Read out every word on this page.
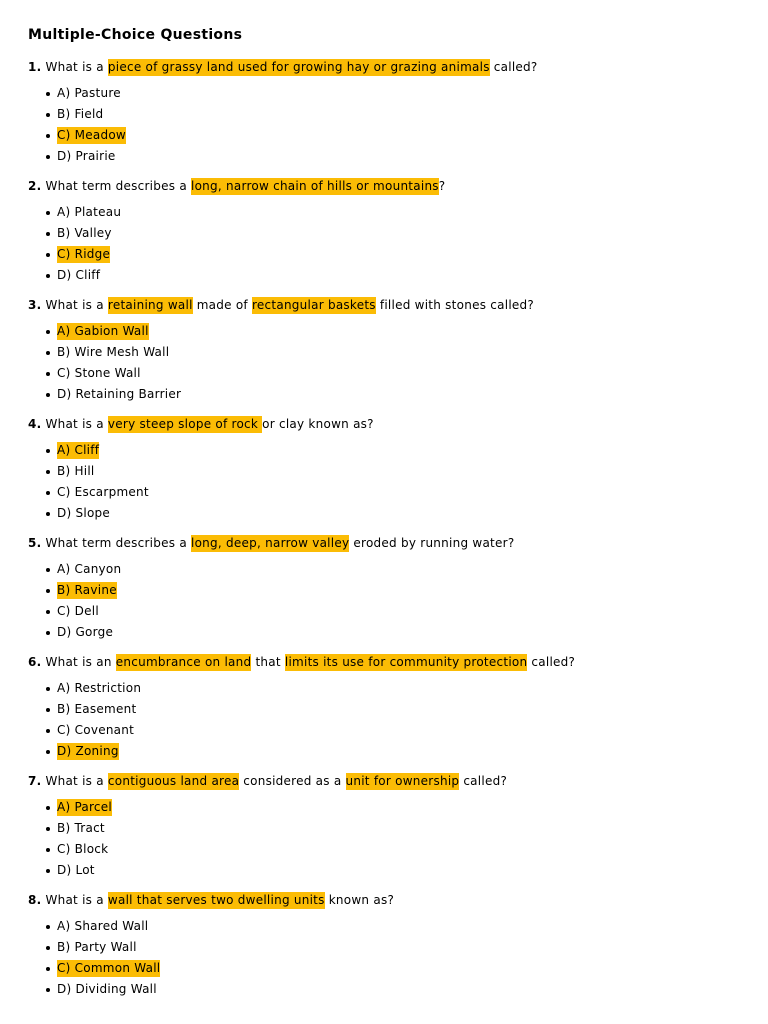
Multiple-Choice Questions
1. What is a piece of grassy land used for growing hay or grazing animals called?
A) Pasture
B) Field
C) Meadow
D) Prairie
2. What term describes a long, narrow chain of hills or mountains?
A) Plateau
B) Valley
C) Ridge
D) Cliff
3. What is a retaining wall made of rectangular baskets filled with stones called?
A) Gabion Wall
B) Wire Mesh Wall
C) Stone Wall
D) Retaining Barrier
4. What is a very steep slope of rock or clay known as?
A) Cliff
B) Hill
C) Escarpment
D) Slope
5. What term describes a long, deep, narrow valley eroded by running water?
A) Canyon
B) Ravine
C) Dell
D) Gorge
6. What is an encumbrance on land that limits its use for community protection called?
A) Restriction
B) Easement
C) Covenant
D) Zoning
7. What is a contiguous land area considered as a unit for ownership called?
A) Parcel
B) Tract
C) Block
D) Lot
8. What is a wall that serves two dwelling units known as?
A) Shared Wall
B) Party Wall
C) Common Wall
D) Dividing Wall
